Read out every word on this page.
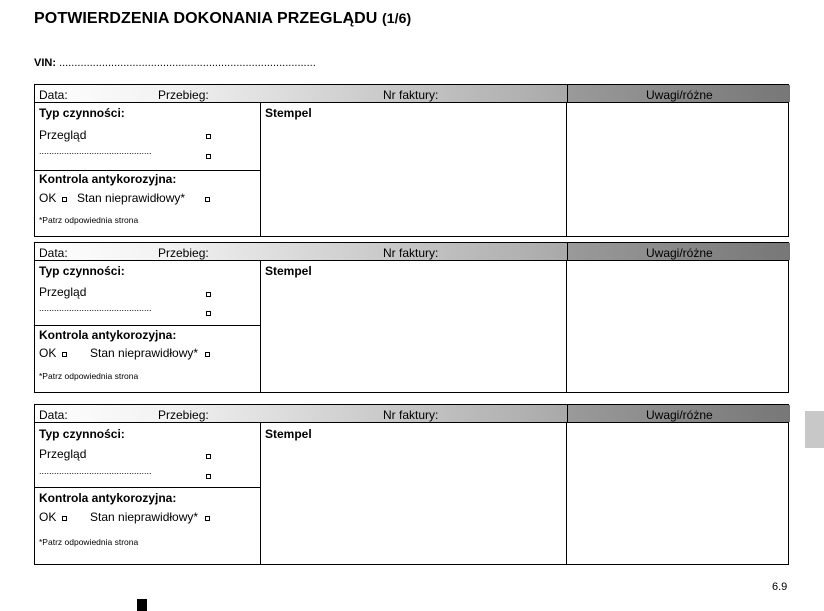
POTWIERDZENIA DOKONANIA PRZEGLĄDU (1/6)
VIN: ....................................................................................
Data:	Przebieg:	Nr faktury:	Uwagi/różne
Typ czynności:
Przegląd
.............................................
Kontrola antykorozyjna:
OK Stan nieprawidłowy*
*Patrz odpowiednia strona
Stempel
Data:	Przebieg:	Nr faktury:	Uwagi/różne
Typ czynności:
Przegląd
.............................................
Kontrola antykorozyjna:
OK	Stan nieprawidłowy*
*Patrz odpowiednia strona
Stempel
Data:	Przebieg:	Nr faktury:	Uwagi/różne
Typ czynności:
Przegląd
.............................................
Kontrola antykorozyjna:
OK	Stan nieprawidłowy*
*Patrz odpowiednia strona
Stempel
6.9
